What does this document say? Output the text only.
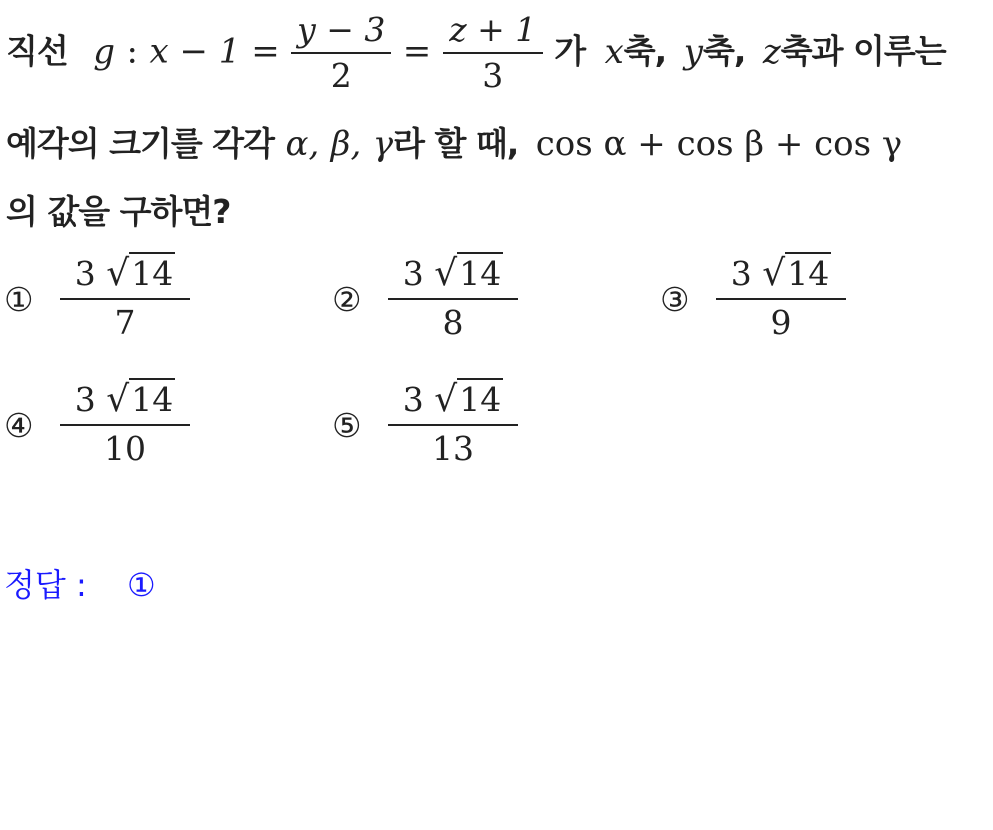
직선 g : $x - 1 = \frac{y - 3}{2} = \frac{z + 1}{3}$ 가 x축, y축, z축과 이루는
예각의 크기를 각각 α, β, γ라 할 때, cos α + cos β + cos γ
의 값을 구하면?
①
3 √14
7
②
3 √14
8
③
3 √14
9
④
3 √14
10
⑤
3 √14
13
정답 : ①
